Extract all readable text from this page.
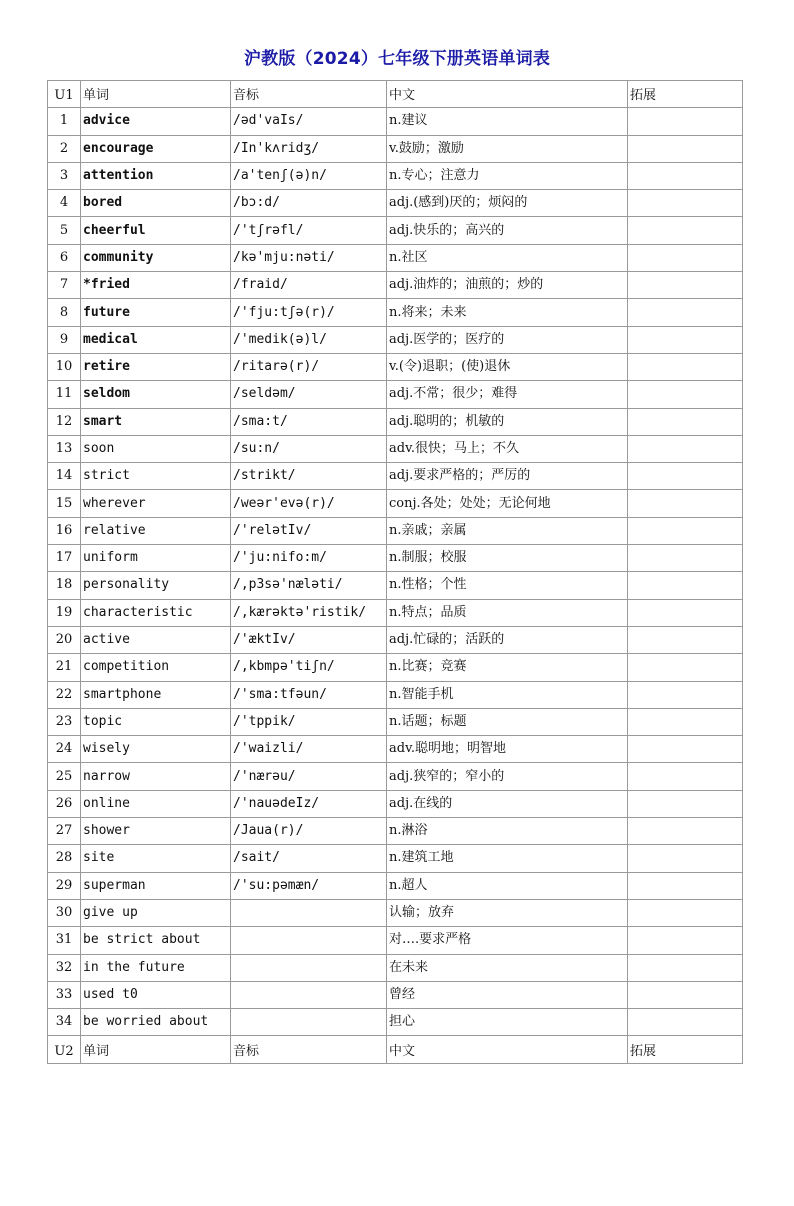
沪教版（2024）七年级下册英语单词表
U1	单词	音标	中文	拓展
1	advice	/əd'vaIs/	n.建议	
2	encourage	/In'kʌridʒ/	v.鼓励；激励	
3	attention	/a'tenʃ(ə)n/	n.专心；注意力	
4	bored	/bɔ:d/	adj.(感到)厌的；烦闷的	
5	cheerful	/'tʃrəfl/	adj.快乐的；高兴的	
6	community	/kə'mju:nəti/	n.社区	
7	*fried	/fraid/	adj.油炸的；油煎的；炒的	
8	future	/'fju:tʃə(r)/	n.将来；未来	
9	medical	/'medik(ə)l/	adj.医学的；医疗的	
10	retire	/ritarə(r)/	v.(令)退职；(使)退休	
11	seldom	/seldəm/	adj.不常；很少；难得	
12	smart	/sma:t/	adj.聪明的；机敏的	
13	soon	/su:n/	adv.很快；马上；不久	
14	strict	/strikt/	adj.要求严格的；严厉的	
15	wherever	/weər'evə(r)/	conj.各处；处处；无论何地	
16	relative	/'relətIv/	n.亲戚；亲属	
17	uniform	/'ju:nifo:m/	n.制服；校服	
18	personality	/,p3sə'næləti/	n.性格；个性	
19	characteristic	/,kærəktə'ristik/	n.特点；品质	
20	active	/'æktIv/	adj.忙碌的；活跃的	
21	competition	/,kbmpə'tiʃn/	n.比赛；竞赛	
22	smartphone	/'sma:tfəun/	n.智能手机	
23	topic	/'tppik/	n.话题；标题	
24	wisely	/'waizli/	adv.聪明地；明智地	
25	narrow	/'nærəu/	adj.狭窄的；窄小的	
26	online	/'nauədeIz/	adj.在线的	
27	shower	/Jaua(r)/	n.淋浴	
28	site	/sait/	n.建筑工地	
29	superman	/'su:pəmæn/	n.超人	
30	give up		认输；放弃	
31	be strict about		对….要求严格	
32	in the future		在未来	
33	used t0		曾经	
34	be worried about		担心	
U2	单词	音标	中文	拓展
